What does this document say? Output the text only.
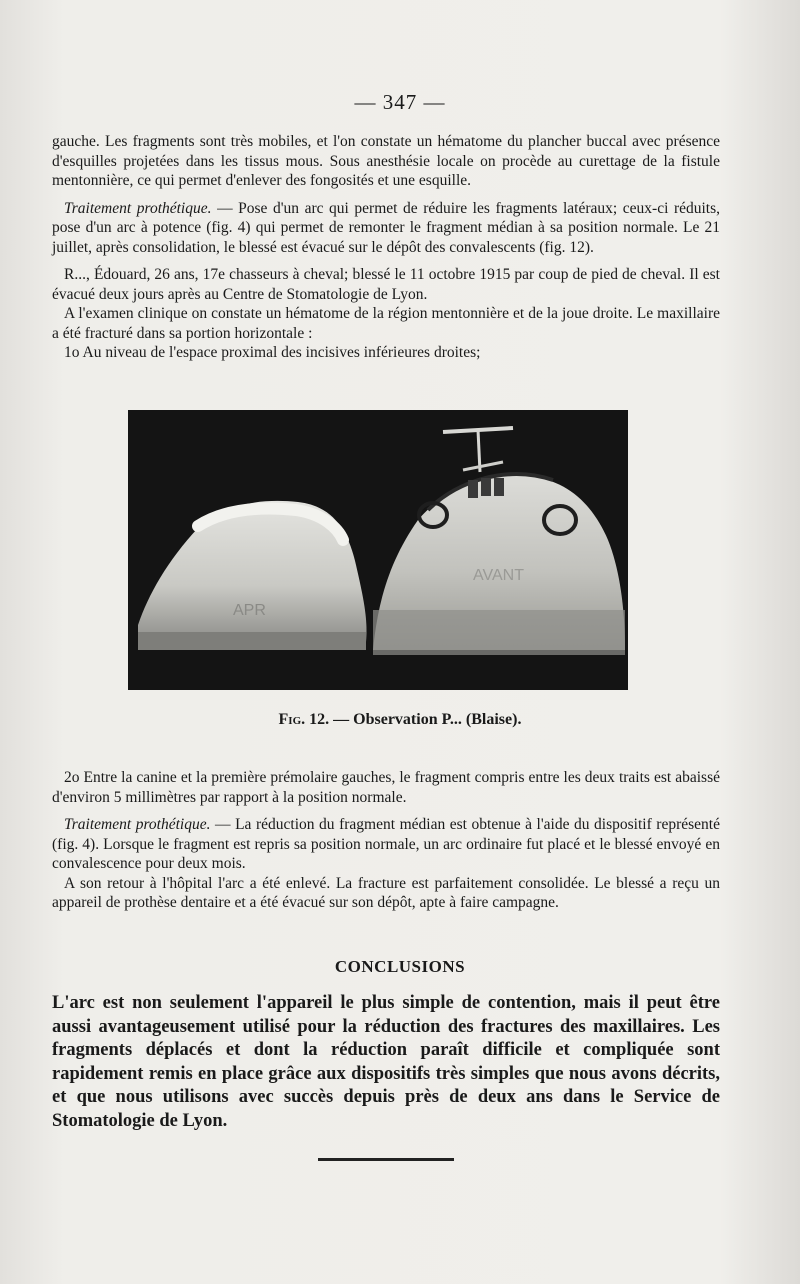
— 347 —

gauche. Les fragments sont très mobiles, et l'on constate un hématome du plancher buccal avec présence d'esquilles projetées dans les tissus mous. Sous anesthésie locale on procède au curettage de la fistule mentonnière, ce qui permet d'enlever des fongosités et une esquille.

Traitement prothétique. — Pose d'un arc qui permet de réduire les fragments latéraux; ceux-ci réduits, pose d'un arc à potence (fig. 4) qui permet de remonter le fragment médian à sa position normale. Le 21 juillet, après consolidation, le blessé est évacué sur le dépôt des convalescents (fig. 12).

R..., Édouard, 26 ans, 17e chasseurs à cheval; blessé le 11 octobre 1915 par coup de pied de cheval. Il est évacué deux jours après au Centre de Stomatologie de Lyon.

A l'examen clinique on constate un hématome de la région mentonnière et de la joue droite. Le maxillaire a été fracturé dans sa portion horizontale :

1o Au niveau de l'espace proximal des incisives inférieures droites;

APR
AVANT
Fig. 12. — Observation P... (Blaise).

2o Entre la canine et la première prémolaire gauches, le fragment compris entre les deux traits est abaissé d'environ 5 millimètres par rapport à la position normale.

Traitement prothétique. — La réduction du fragment médian est obtenue à l'aide du dispositif représenté (fig. 4). Lorsque le fragment est repris sa position normale, un arc ordinaire fut placé et le blessé envoyé en convalescence pour deux mois.

A son retour à l'hôpital l'arc a été enlevé. La fracture est parfaitement consolidée. Le blessé a reçu un appareil de prothèse dentaire et a été évacué sur son dépôt, apte à faire campagne.

CONCLUSIONS
L'arc est non seulement l'appareil le plus simple de contention, mais il peut être aussi avantageusement utilisé pour la réduction des fractures des maxillaires. Les fragments déplacés et dont la réduction paraît difficile et compliquée sont rapidement remis en place grâce aux dispositifs très simples que nous avons décrits, et que nous utilisons avec succès depuis près de deux ans dans le Service de Stomatologie de Lyon.
